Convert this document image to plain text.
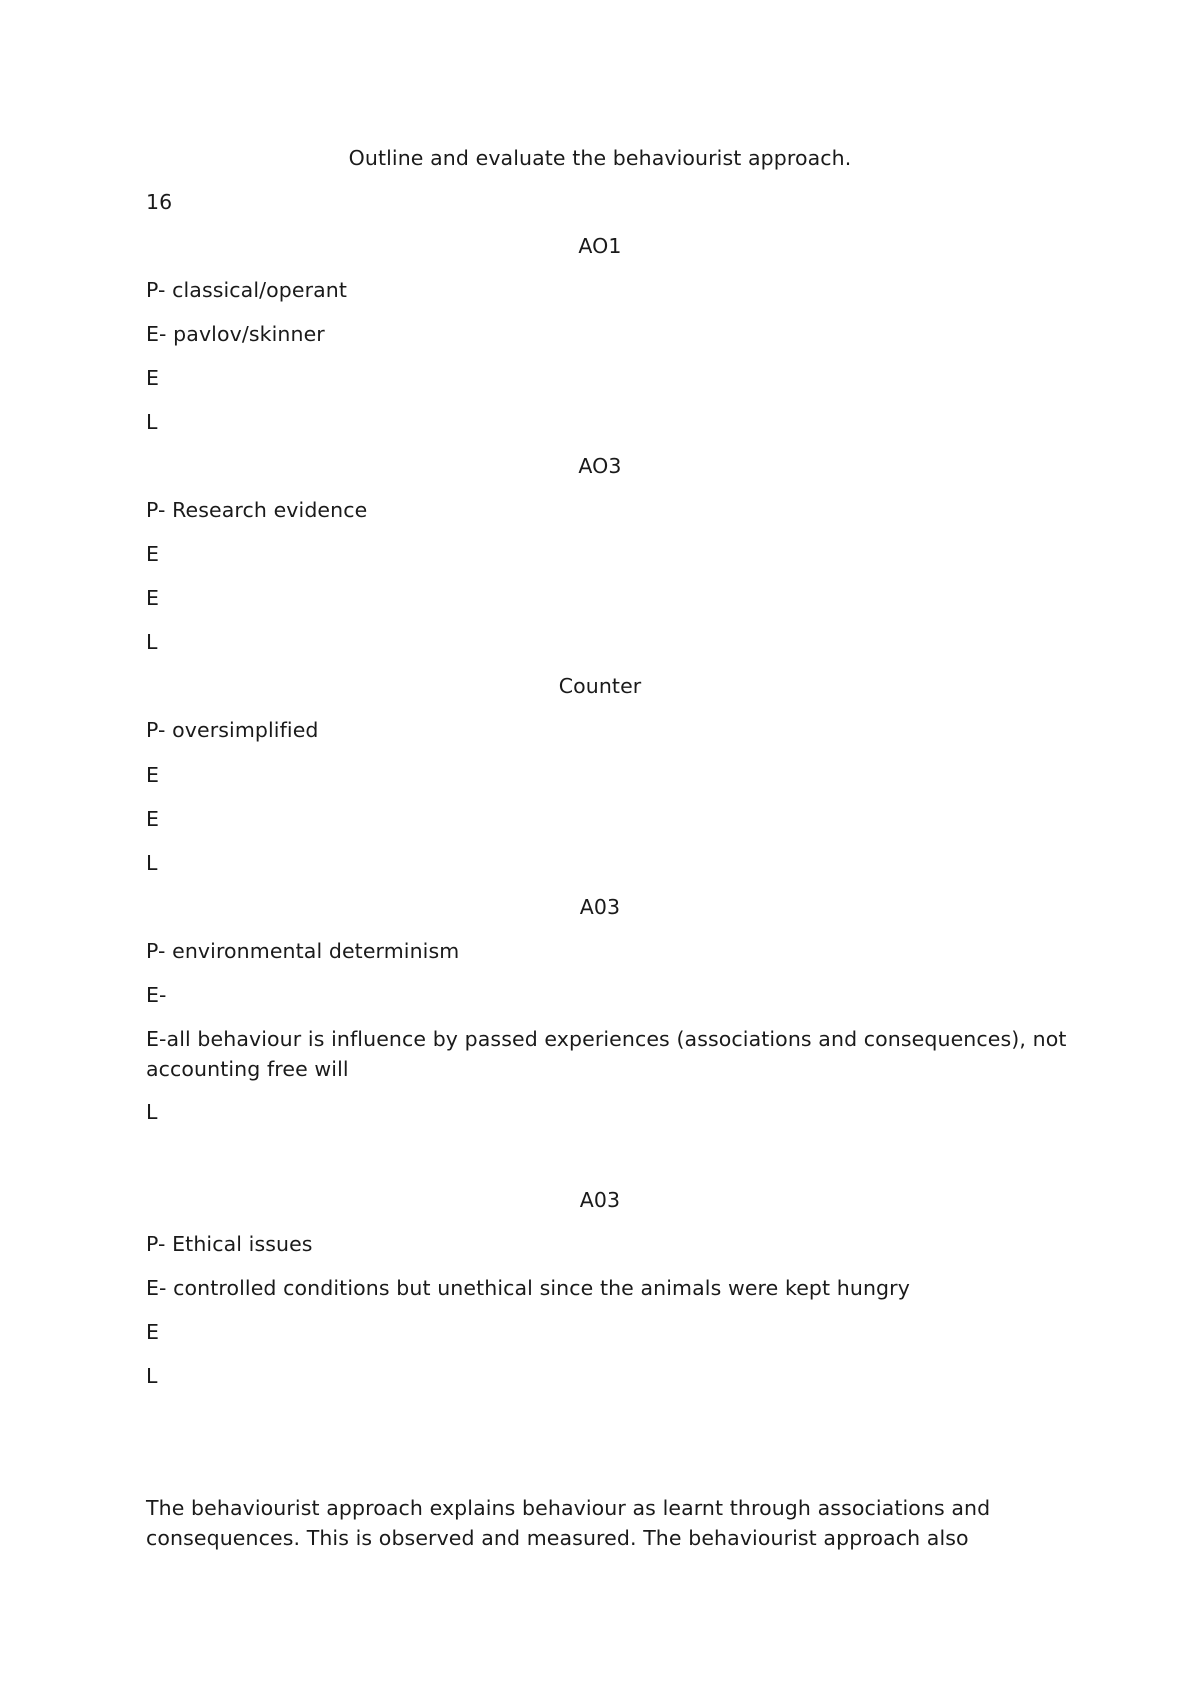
Outline and evaluate the behaviourist approach.
16
AO1
P- classical/operant
E- pavlov/skinner
E
L
AO3
P- Research evidence
E
E
L
Counter
P- oversimplified
E
E
L
A03
P- environmental determinism
E-
E-all behaviour is influence by passed experiences (associations and consequences), not accounting free will
L
A03
P- Ethical issues
E- controlled conditions but unethical since the animals were kept hungry
E
L
The behaviourist approach explains behaviour as learnt through associations and consequences. This is observed and measured. The behaviourist approach also
